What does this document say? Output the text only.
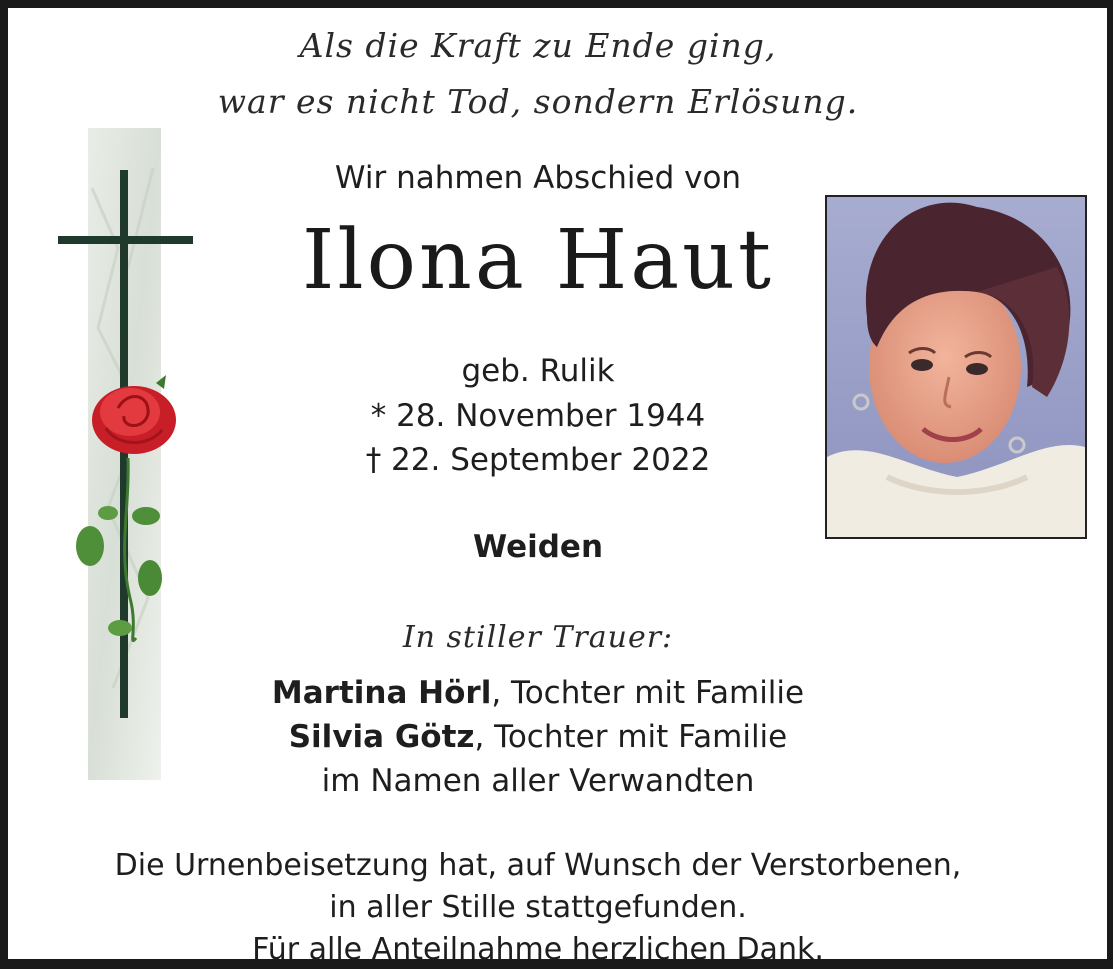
Als die Kraft zu Ende ging,
war es nicht Tod, sondern Erlösung.
Wir nahmen Abschied von
Ilona Haut
geb. Rulik
* 28. November 1944
† 22. September 2022
Weiden
In stiller Trauer:
Martina Hörl, Tochter mit Familie
Silvia Götz, Tochter mit Familie
im Namen aller Verwandten
Die Urnenbeisetzung hat, auf Wunsch der Verstorbenen,
in aller Stille stattgefunden.
Für alle Anteilnahme herzlichen Dank.
